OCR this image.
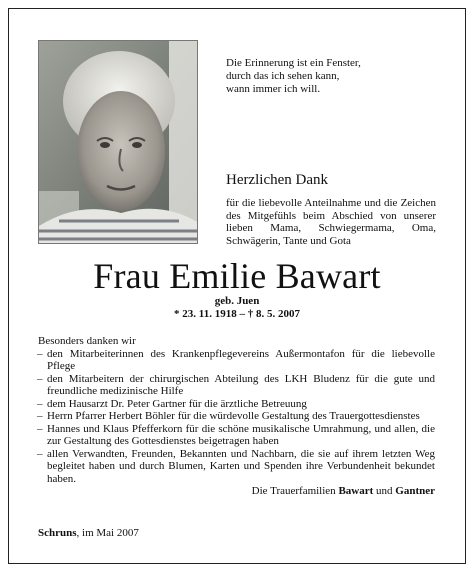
Die Erinnerung ist ein Fenster,
durch das ich sehen kann,
wann immer ich will.
Herzlichen Dank
für die liebevolle Anteilnahme und die Zeichen des Mitgefühls beim Abschied von unserer lieben Mama, Schwiegermama, Oma, Schwägerin, Tante und Gota
Frau Emilie Bawart
geb. Juen
* 23. 11. 1918 – † 8. 5. 2007
Besonders danken wir
– den Mitarbeiterinnen des Krankenpflegevereins Außermontafon für die liebevolle Pflege
– den Mitarbeitern der chirurgischen Abteilung des LKH Bludenz für die gute und freundliche medizinische Hilfe
– dem Hausarzt Dr. Peter Gartner für die ärztliche Betreuung
– Herrn Pfarrer Herbert Böhler für die würdevolle Gestaltung des Trauergottesdienstes
– Hannes und Klaus Pfefferkorn für die schöne musikalische Umrahmung, und allen, die zur Gestaltung des Gottesdienstes beigetragen haben
– allen Verwandten, Freunden, Bekannten und Nachbarn, die sie auf ihrem letzten Weg begleitet haben und durch Blumen, Karten und Spenden ihre Verbundenheit bekundet haben.
Die Trauerfamilien Bawart und Gantner
Schruns, im Mai 2007
